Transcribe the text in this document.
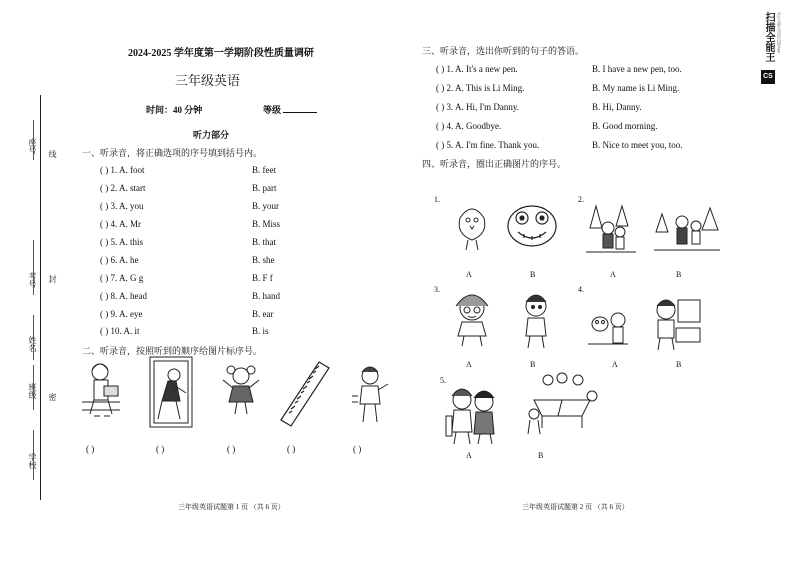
座号
考号
姓名
班级
学校
线
封
密
2024-2025 学年度第一学期阶段性质量调研
三年级英语
时间：40 分钟	等级
听力部分
一、听录音，将正确选项的序号填到括号内。
( ) 1. A. foot	B. feet
( ) 2. A. start	B. part
( ) 3. A. you	B. your
( ) 4. A. Mr	B. Miss
( ) 5. A. this	B. that
( ) 6. A. he	B. she
( ) 7. A. G g	B. F f
( ) 8. A. head	B. hand
( ) 9. A. eye	B. ear
( ) 10. A. it	B. is
二、听录音，按照听到的顺序给图片标序号。
( )	( )	( )	( )	( )
三年级英语试题第 1 页 （共 6 页）
三、听录音，选出你听到的句子的答语。
( ) 1. A. It's a new pen.	B. I have a new pen, too.
( ) 2. A. This is Li Ming.	B. My name is Li Ming.
( ) 3. A. Hi, I'm Danny.	B. Hi, Danny.
( ) 4. A. Goodbye.	B. Good morning.
( ) 5. A. I'm fine. Thank you.	B. Nice to meet you, too.
四、听录音，圈出正确图片的序号。
1.
A	B
2.
A	B
3.
A	B
4.
A	B
5.
A	B
三年级英语试题第 2 页 （共 6 页）
CS
扫描全能王 3亿人都在用的扫描App
